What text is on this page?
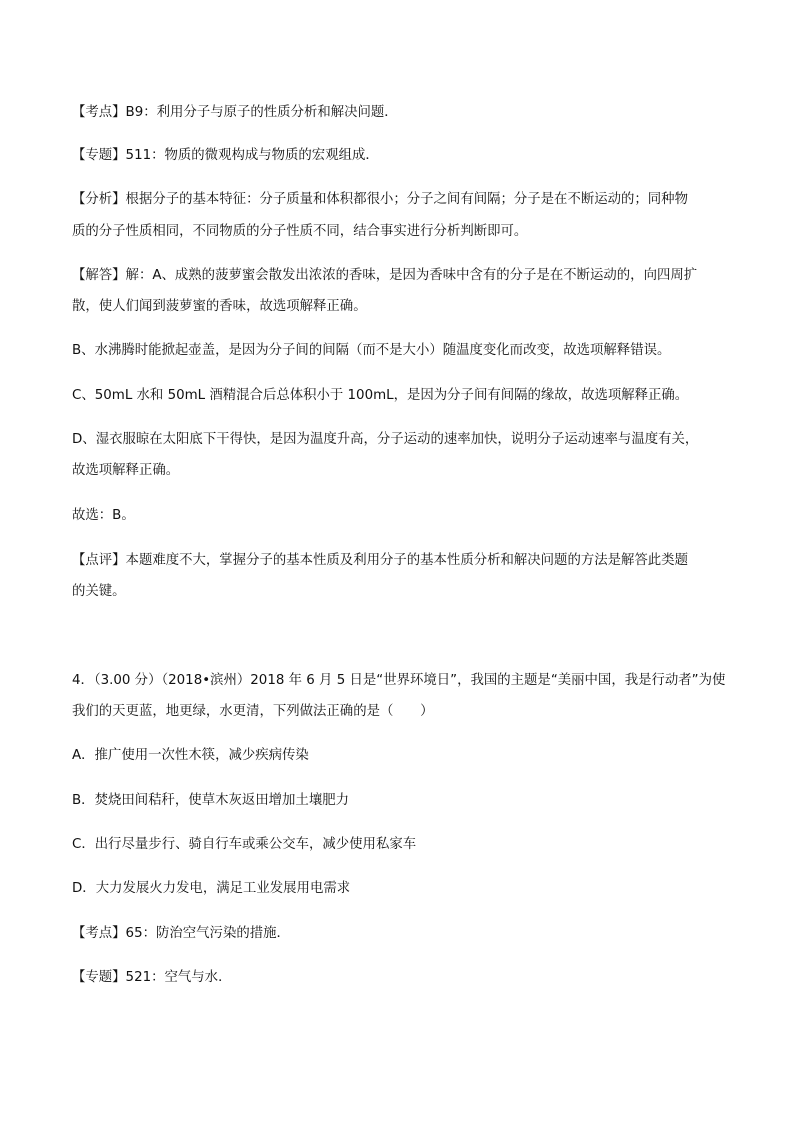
【考点】B9：利用分子与原子的性质分析和解决问题．
【专题】511：物质的微观构成与物质的宏观组成．
【分析】根据分子的基本特征：分子质量和体积都很小；分子之间有间隔；分子是在不断运动的；同种物
质的分子性质相同，不同物质的分子性质不同，结合事实进行分析判断即可。
【解答】解：A、成熟的菠萝蜜会散发出浓浓的香味，是因为香味中含有的分子是在不断运动的，向四周扩
散，使人们闻到菠萝蜜的香味，故选项解释正确。
B、水沸腾时能掀起壶盖，是因为分子间的间隔（而不是大小）随温度变化而改变，故选项解释错误。
C、50mL 水和 50mL 酒精混合后总体积小于 100mL，是因为分子间有间隔的缘故，故选项解释正确。
D、湿衣服晾在太阳底下干得快，是因为温度升高，分子运动的速率加快，说明分子运动速率与温度有关，
故选项解释正确。
故选：B。
【点评】本题难度不大，掌握分子的基本性质及利用分子的基本性质分析和解决问题的方法是解答此类题
的关键。
4．（3.00 分）（2018•滨州）2018 年 6 月 5 日是“世界环境日”，我国的主题是“美丽中国，我是行动者”为使
我们的天更蓝，地更绿，水更清，下列做法正确的是（　　）
A．推广使用一次性木筷，减少疾病传染
B．焚烧田间秸秆，使草木灰返田增加土壤肥力
C．出行尽量步行、骑自行车或乘公交车，减少使用私家车
D．大力发展火力发电，满足工业发展用电需求
【考点】65：防治空气污染的措施．
【专题】521：空气与水．
